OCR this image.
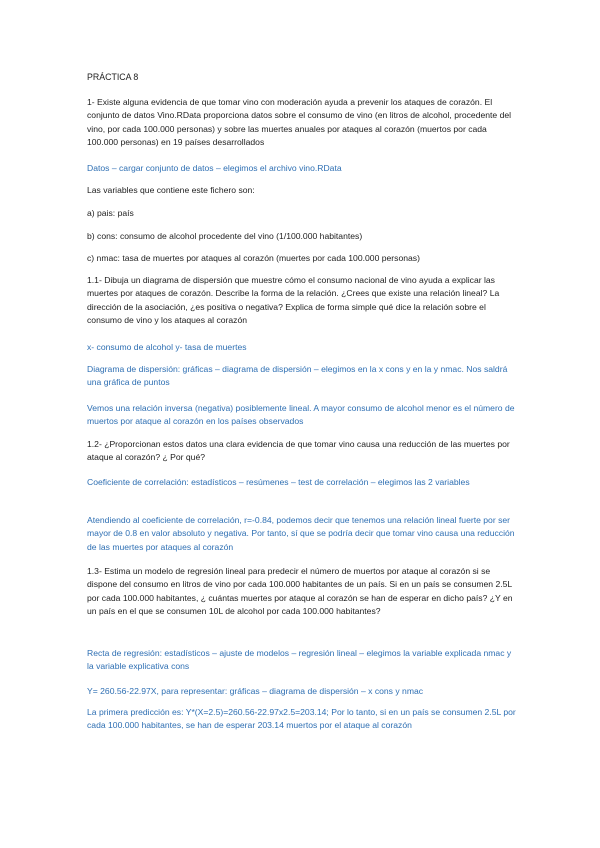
PRÁCTICA 8

1- Existe alguna evidencia de que tomar vino con moderación ayuda a prevenir los ataques de corazón. El conjunto de datos Vino.RData proporciona datos sobre el consumo de vino (en litros de alcohol, procedente del vino, por cada 100.000 personas) y sobre las muertes anuales por ataques al corazón (muertos por cada 100.000 personas) en 19 países desarrollados

Datos – cargar conjunto de datos – elegimos el archivo vino.RData

Las variables que contiene este fichero son:

a) pais: país

b) cons: consumo de alcohol procedente del vino (1/100.000 habitantes)

c) nmac: tasa de muertes por ataques al corazón (muertes por cada 100.000 personas)

1.1- Dibuja un diagrama de dispersión que muestre cómo el consumo nacional de vino ayuda a explicar las muertes por ataques de corazón. Describe la forma de la relación. ¿Crees que existe una relación lineal? La dirección de la asociación, ¿es positiva o negativa? Explica de forma simple qué dice la relación sobre el consumo de vino y los ataques al corazón

x- consumo de alcohol y- tasa de muertes

Diagrama de dispersión: gráficas – diagrama de dispersión – elegimos en la x cons y en la y nmac. Nos saldrá una gráfica de puntos

Vemos una relación inversa (negativa) posiblemente lineal. A mayor consumo de alcohol menor es el número de muertos por ataque al corazón en los países observados

1.2- ¿Proporcionan estos datos una clara evidencia de que tomar vino causa una reducción de las muertes por ataque al corazón? ¿ Por qué?

Coeficiente de correlación: estadísticos – resúmenes – test de correlación – elegimos las 2 variables

Atendiendo al coeficiente de correlación, r=-0.84, podemos decir que tenemos una relación lineal fuerte por ser mayor de 0.8 en valor absoluto y negativa. Por tanto, sí que se podría decir que tomar vino causa una reducción de las muertes por ataques al corazón

1.3- Estima un modelo de regresión lineal para predecir el número de muertos por ataque al corazón si se dispone del consumo en litros de vino por cada 100.000 habitantes de un país. Si en un país se consumen 2.5L por cada 100.000 habitantes, ¿ cuántas muertes por ataque al corazón se han de esperar en dicho país? ¿Y en un país en el que se consumen 10L de alcohol por cada 100.000 habitantes?

Recta de regresión: estadísticos – ajuste de modelos – regresión lineal – elegimos la variable explicada nmac y la variable explicativa cons

Y= 260.56-22.97X, para representar: gráficas – diagrama de dispersión – x cons y nmac

La primera predicción es: Y*(X=2.5)=260.56-22.97x2.5=203.14; Por lo tanto, si en un país se consumen 2.5L por cada 100.000 habitantes, se han de esperar 203.14 muertos por el ataque al corazón
